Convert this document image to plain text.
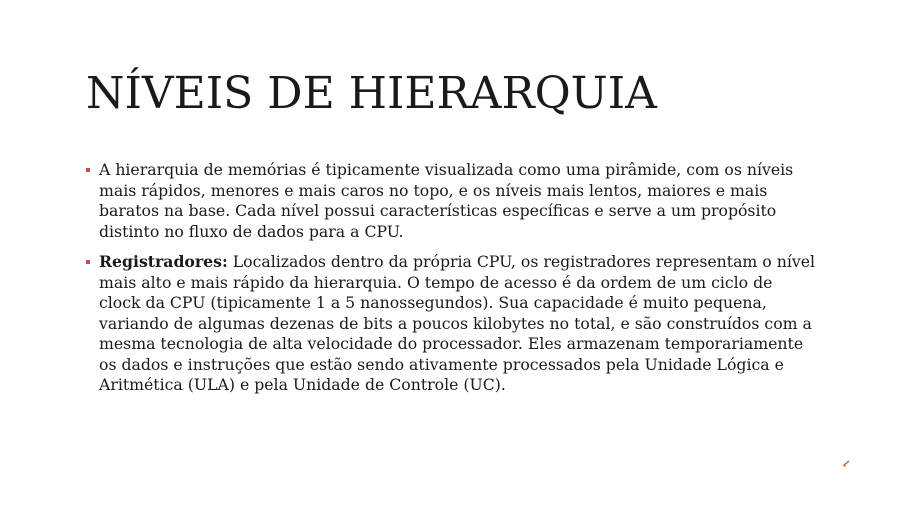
NÍVEIS DE HIERARQUIA
A hierarquia de memórias é tipicamente visualizada como uma pirâmide, com os níveis mais rápidos, menores e mais caros no topo, e os níveis mais lentos, maiores e mais baratos na base. Cada nível possui características específicas e serve a um propósito distinto no fluxo de dados para a CPU.
Registradores: Localizados dentro da própria CPU, os registradores representam o nível mais alto e mais rápido da hierarquia. O tempo de acesso é da ordem de um ciclo de clock da CPU (tipicamente 1 a 5 nanossegundos). Sua capacidade é muito pequena, variando de algumas dezenas de bits a poucos kilobytes no total, e são construídos com a mesma tecnologia de alta velocidade do processador. Eles armazenam temporariamente os dados e instruções que estão sendo ativamente processados pela Unidade Lógica e Aritmética (ULA) e pela Unidade de Controle (UC).
